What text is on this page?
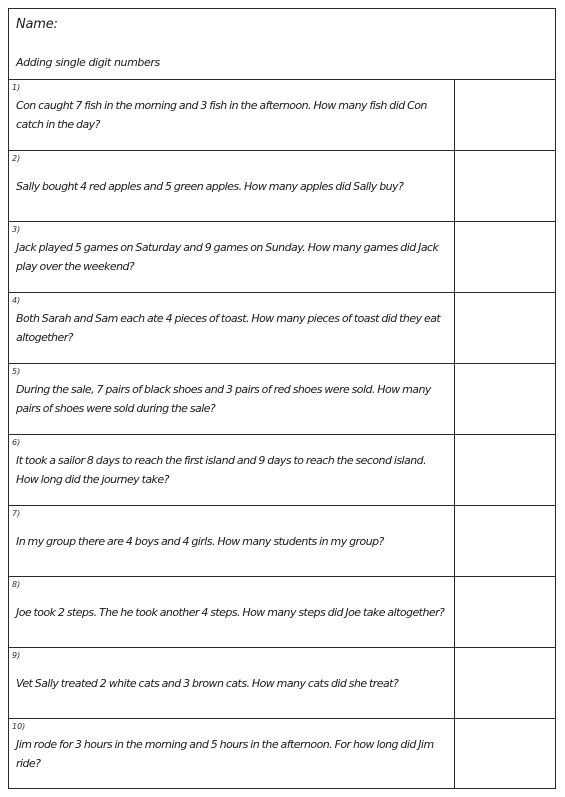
Name:
Adding single digit numbers
1)
Con caught 7 fish in the morning and 3 fish in the afternoon. How many fish did Con catch in the day?
2)
Sally bought 4 red apples and 5 green apples. How many apples did Sally buy?
3)
Jack played 5 games on Saturday and 9 games on Sunday. How many games did Jack play over the weekend?
4)
Both Sarah and Sam each ate 4 pieces of toast. How many pieces of toast did they eat altogether?
5)
During the sale, 7 pairs of black shoes and 3 pairs of red shoes were sold. How many pairs of shoes were sold during the sale?
6)
It took a sailor 8 days to reach the first island and 9 days to reach the second island. How long did the journey take?
7)
In my group there are 4 boys and 4 girls. How many students in my group?
8)
Joe took 2 steps. The he took another 4 steps. How many steps did Joe take altogether?
9)
Vet Sally treated 2 white cats and 3 brown cats. How many cats did she treat?
10)
Jim rode for 3 hours in the morning and 5 hours in the afternoon. For how long did Jim ride?
